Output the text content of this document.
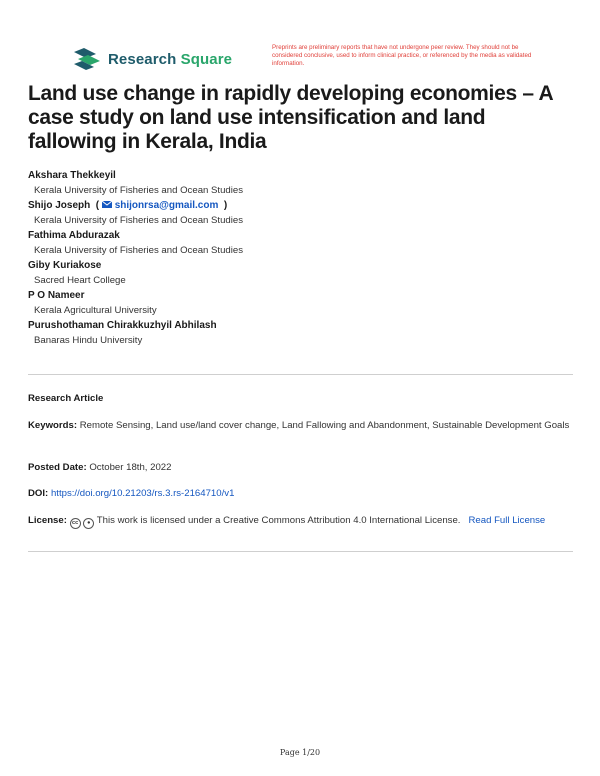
Research Square
Preprints are preliminary reports that have not undergone peer review. They should not be considered conclusive, used to inform clinical practice, or referenced by the media as validated information.
Land use change in rapidly developing economies – A case study on land use intensification and land fallowing in Kerala, India
Akshara Thekkeyil
Kerala University of Fisheries and Ocean Studies
Shijo Joseph  ( shijonrsa@gmail.com  )
Kerala University of Fisheries and Ocean Studies
Fathima Abdurazak
Kerala University of Fisheries and Ocean Studies
Giby Kuriakose
Sacred Heart College
P O Nameer
Kerala Agricultural University
Purushothaman Chirakkuzhyil Abhilash
Banaras Hindu University
Research Article
Keywords: Remote Sensing, Land use/land cover change, Land Fallowing and Abandonment, Sustainable Development Goals
Posted Date: October 18th, 2022
DOI: https://doi.org/10.21203/rs.3.rs-2164710/v1
License: cc ● This work is licensed under a Creative Commons Attribution 4.0 International License. Read Full License
Page 1/20
